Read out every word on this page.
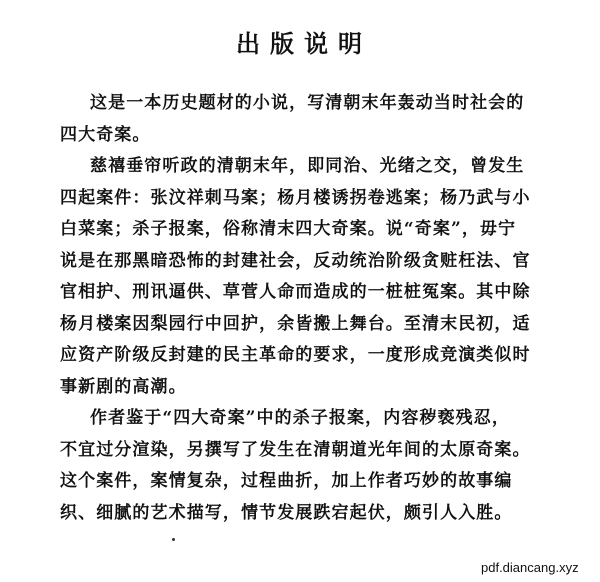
出版说明
这是一本历史题材的小说，写清朝末年轰动当时社会的
四大奇案。
慈禧垂帘听政的清朝末年，即同治、光绪之交，曾发生
四起案件：张汶祥刺马案；杨月楼诱拐卷逃案；杨乃武与小
白菜案；杀子报案，俗称清末四大奇案。说“奇案”，毋宁
说是在那黑暗恐怖的封建社会，反动统治阶级贪赃枉法、官
官相护、刑讯逼供、草菅人命而造成的一桩桩冤案。其中除
杨月楼案因梨园行中回护，余皆搬上舞台。至清末民初，适
应资产阶级反封建的民主革命的要求，一度形成竞演类似时
事新剧的高潮。
作者鉴于“四大奇案”中的杀子报案，内容秽亵残忍，
不宜过分渲染，另撰写了发生在清朝道光年间的太原奇案。
这个案件，案情复杂，过程曲折，加上作者巧妙的故事编
织、细腻的艺术描写，情节发展跌宕起伏，颇引人入胜。
pdf.diancang.xyz
